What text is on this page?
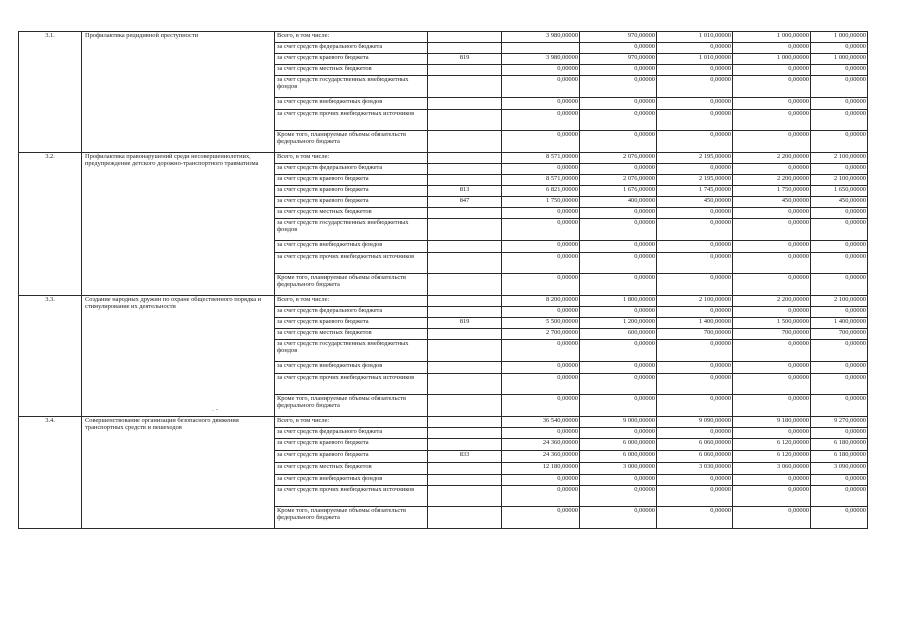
3.1.	Профилактика рецидивной преступности	Всего, в том числе:		3 980,00000	970,00000	1 010,00000	1 000,00000	1 000,00000
		за счет средств федерального бюджета			0,00000	0,00000	0,00000	0,00000
		за счет средств краевого бюджета	819	3 980,00000	970,00000	1 010,00000	1 000,00000	1 000,00000
		за счет средств местных бюджетов		0,00000	0,00000	0,00000	0,00000	0,00000
		за счет средств государственных внебюджетных фондов		0,00000	0,00000	0,00000	0,00000	0,00000
		за счет средств внебюджетных фондов		0,00000	0,00000	0,00000	0,00000	0,00000
		за счет средств прочих внебюджетных источников		0,00000	0,00000	0,00000	0,00000	0,00000
		Кроме того, планируемые объемы обязательств федерального бюджета		0,00000	0,00000	0,00000	0,00000	0,00000
3.2.	Профилактика правонарушений среди несовершеннолетних, предупреждение детского дорожно-транспортного травматизма	Всего, в том числе:		8 571,00000	2 076,00000	2 195,00000	2 200,00000	2 100,00000
		за счет средств федерального бюджета		0,00000	0,00000	0,00000	0,00000	0,00000
		за счет средств краевого бюджета		8 571,00000	2 076,00000	2 195,00000	2 200,00000	2 100,00000
		за счет средств краевого бюджета	813	6 821,00000	1 676,00000	1 745,00000	1 750,00000	1 650,00000
		за счет средств краевого бюджета	847	1 750,00000	400,00000	450,00000	450,00000	450,00000
		за счет средств местных бюджетов		0,00000	0,00000	0,00000	0,00000	0,00000
		за счет средств государственных внебюджетных фондов		0,00000	0,00000	0,00000	0,00000	0,00000
		за счет средств внебюджетных фондов		0,00000	0,00000	0,00000	0,00000	0,00000
		за счет средств прочих внебюджетных источников		0,00000	0,00000	0,00000	0,00000	0,00000
		Кроме того, планируемые объемы обязательств федерального бюджета		0,00000	0,00000	0,00000	0,00000	0,00000
3.3.	Создание народных дружин по охране общественного порядка и стимулирование их деятельности	Всего, в том числе:		8 200,00000	1 800,00000	2 100,00000	2 200,00000	2 100,00000
		за счет средств федерального бюджета		0,00000	0,00000	0,00000	0,00000	0,00000
		за счет средств краевого бюджета	819	5 500,00000	1 200,00000	1 400,00000	1 500,00000	1 400,00000
		за счет средств местных бюджетов		2 700,00000	600,00000	700,00000	700,00000	700,00000
		за счет средств государственных внебюджетных фондов		0,00000	0,00000	0,00000	0,00000	0,00000
		за счет средств внебюджетных фондов		0,00000	0,00000	0,00000	0,00000	0,00000
		за счет средств прочих внебюджетных источников		0,00000	0,00000	0,00000	0,00000	0,00000
		Кроме того, планируемые объемы обязательств федерального бюджета		0,00000	0,00000	0,00000	0,00000	0,00000
3.4.	Совершенствование организации безопасного движения транспортных средств и пешеходов	Всего, в том числе:		36 540,00000	9 000,00000	9 090,00000	9 180,00000	9 270,00000
		за счет средств федерального бюджета		0,00000	0,00000	0,00000	0,00000	0,00000
		за счет средств краевого бюджета		24 360,00000	6 000,00000	6 060,00000	6 120,00000	6 180,00000
		за счет средств краевого бюджета	833	24 360,00000	6 000,00000	6 060,00000	6 120,00000	6 180,00000
		за счет средств местных бюджетов		12 180,00000	3 000,00000	3 030,00000	3 060,00000	3 090,00000
		за счет средств внебюджетных фондов		0,00000	0,00000	0,00000	0,00000	0,00000
		за счет средств прочих внебюджетных источников		0,00000	0,00000	0,00000	0,00000	0,00000
		Кроме того, планируемые объемы обязательств федерального бюджета		0,00000	0,00000	0,00000	0,00000	0,00000
. -
